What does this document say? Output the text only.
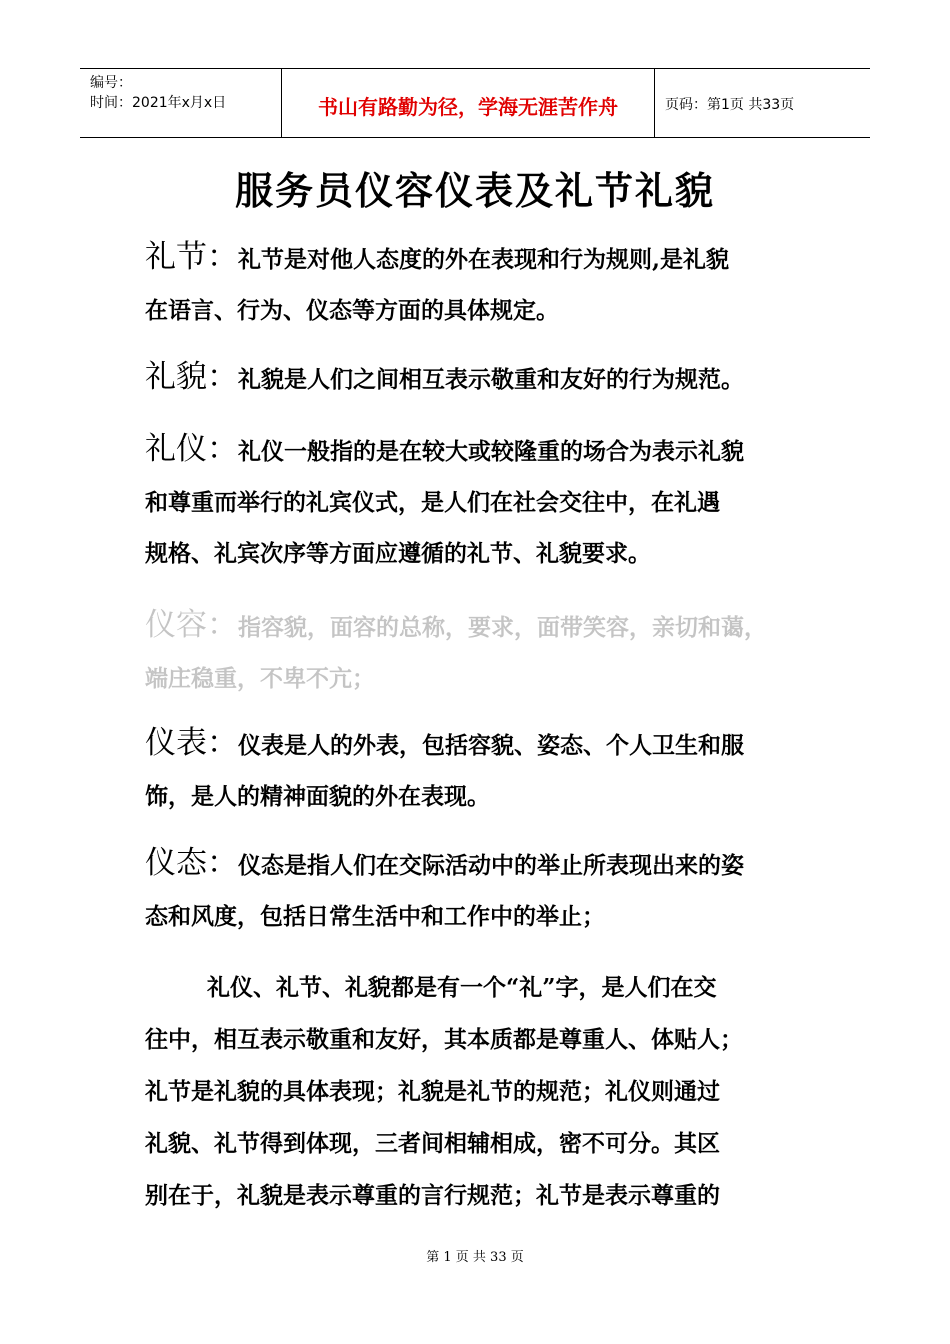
编号：
时间：2021年x月x日	书山有路勤为径，学海无涯苦作舟	页码：第1页 共33页
服务员仪容仪表及礼节礼貌
礼节：礼节是对他人态度的外在表现和行为规则,是礼貌
在语言、行为、仪态等方面的具体规定。
礼貌：礼貌是人们之间相互表示敬重和友好的行为规范。
礼仪：礼仪一般指的是在较大或较隆重的场合为表示礼貌
和尊重而举行的礼宾仪式，是人们在社会交往中，在礼遇
规格、礼宾次序等方面应遵循的礼节、礼貌要求。
仪容：指容貌，面容的总称，要求，面带笑容，亲切和蔼，
端庄稳重，不卑不亢；
仪表：仪表是人的外表，包括容貌、姿态、个人卫生和服
饰，是人的精神面貌的外在表现。
仪态：仪态是指人们在交际活动中的举止所表现出来的姿
态和风度，包括日常生活中和工作中的举止；
礼仪、礼节、礼貌都是有一个“礼”字，是人们在交
往中，相互表示敬重和友好，其本质都是尊重人、体贴人；
礼节是礼貌的具体表现；礼貌是礼节的规范；礼仪则通过
礼貌、礼节得到体现，三者间相辅相成，密不可分。其区
别在于，礼貌是表示尊重的言行规范；礼节是表示尊重的
第 1 页 共 33 页
